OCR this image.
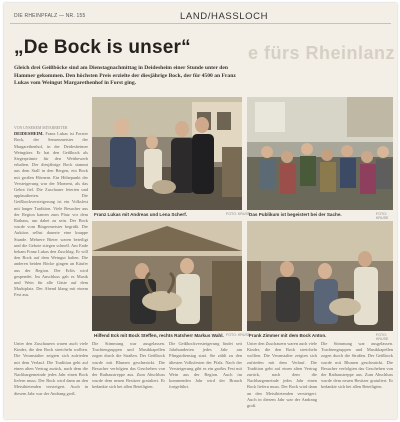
DIE RHEINPFALZ — NR. 155	LAND/HASSLOCH
e fürs Rheinlanz
„De Bock is unser“
Gleich drei Geißböcke sind am Dienstagnachmittag in Deidesheim einer Stunde unter den Hammer gekommen. Den höchsten Preis erzielte der diesjährige Bock, der für 4500 an Franz Lukas vom Weingut Margarethenhof in Forst ging.
Franz Lukas mit Andreas und Lena Scherf.	FOTO: KRUSE
Das Publikum ist begeistert bei der Sache.	FOTO: KRUSE
Hilfend Eck mit Bock Steffen, rechts Ratsherr Markus Wahl. FOTO: KRUSE
Frank Zimmer mit dem Bock Anton.	FOTO: KRUSE
VON UNSEREM MITARBEITER
DEIDESHEIM. Franz Lukas ist Forster Bock, der Sensenmeister der Margarethenhof, in der Deidesheimer Weingüter. Er hat den Geißbock als Siegerprämie für den Wettbewerb erhalten. Der diesjährige Bock stammt aus dem Stall in den Bergen, ein Bock mit großen Hörnern. Ein Höhepunkt der Versteigerung war der Moment, als das Gebot fiel. Die Zuschauer feierten und applaudierten. Die Geißbockversteigerung ist ein Volksfest mit langer Tradition. Viele Besucher aus der Region kamen zum Platz vor dem Rathaus, um dabei zu sein. Der Bock wurde vom Bürgermeister begrüßt. Die Auktion selbst dauerte eine knappe Stunde. Mehrere Bieter waren beteiligt und die Gebote stiegen schnell. Am Ende bekam Franz Lukas den Zuschlag. Er will den Bock auf dem Weingut halten. Die anderen beiden Böcke gingen an Käufer aus der Region. Der Erlös wird gespendet. Im Anschluss gab es Musik und Wein für alle Gäste auf dem Marktplatz. Der Abend klang mit einem Fest aus.
Unter den Zuschauern waren auch viele Kinder, die den Bock streicheln wollten. Die Veranstalter zeigten sich zufrieden mit dem Verlauf. Die Tradition geht auf einen alten Vertrag zurück, nach dem die Nachbargemeinde jedes Jahr einen Bock liefern muss. Der Bock wird dann an den Meistbietenden versteigert. Auch in diesem Jahr war der Andrang groß.
Die Stimmung war ausgelassen. Trachtengruppen und Musikkapellen zogen durch die Straßen. Der Geißbock wurde mit Blumen geschmückt. Die Besucher verfolgten das Geschehen von der Rathaustreppe aus. Zum Abschluss wurde dem neuen Besitzer gratuliert. Er bedankte sich bei allen Beteiligten.
Die Geißbockversteigerung findet seit Jahrhunderten jedes Jahr am Pfingstdienstag statt. Sie zählt zu den ältesten Volksfesten der Pfalz. Nach der Versteigerung gibt es ein großes Fest mit Wein aus der Region. Auch im kommenden Jahr wird der Brauch fortgeführt.
Unter den Zuschauern waren auch viele Kinder, die den Bock streicheln wollten. Die Veranstalter zeigten sich zufrieden mit dem Verlauf. Die Tradition geht auf einen alten Vertrag zurück, nach dem die Nachbargemeinde jedes Jahr einen Bock liefern muss. Der Bock wird dann an den Meistbietenden versteigert. Auch in diesem Jahr war der Andrang groß.
Die Stimmung war ausgelassen. Trachtengruppen und Musikkapellen zogen durch die Straßen. Der Geißbock wurde mit Blumen geschmückt. Die Besucher verfolgten das Geschehen von der Rathaustreppe aus. Zum Abschluss wurde dem neuen Besitzer gratuliert. Er bedankte sich bei allen Beteiligten.
